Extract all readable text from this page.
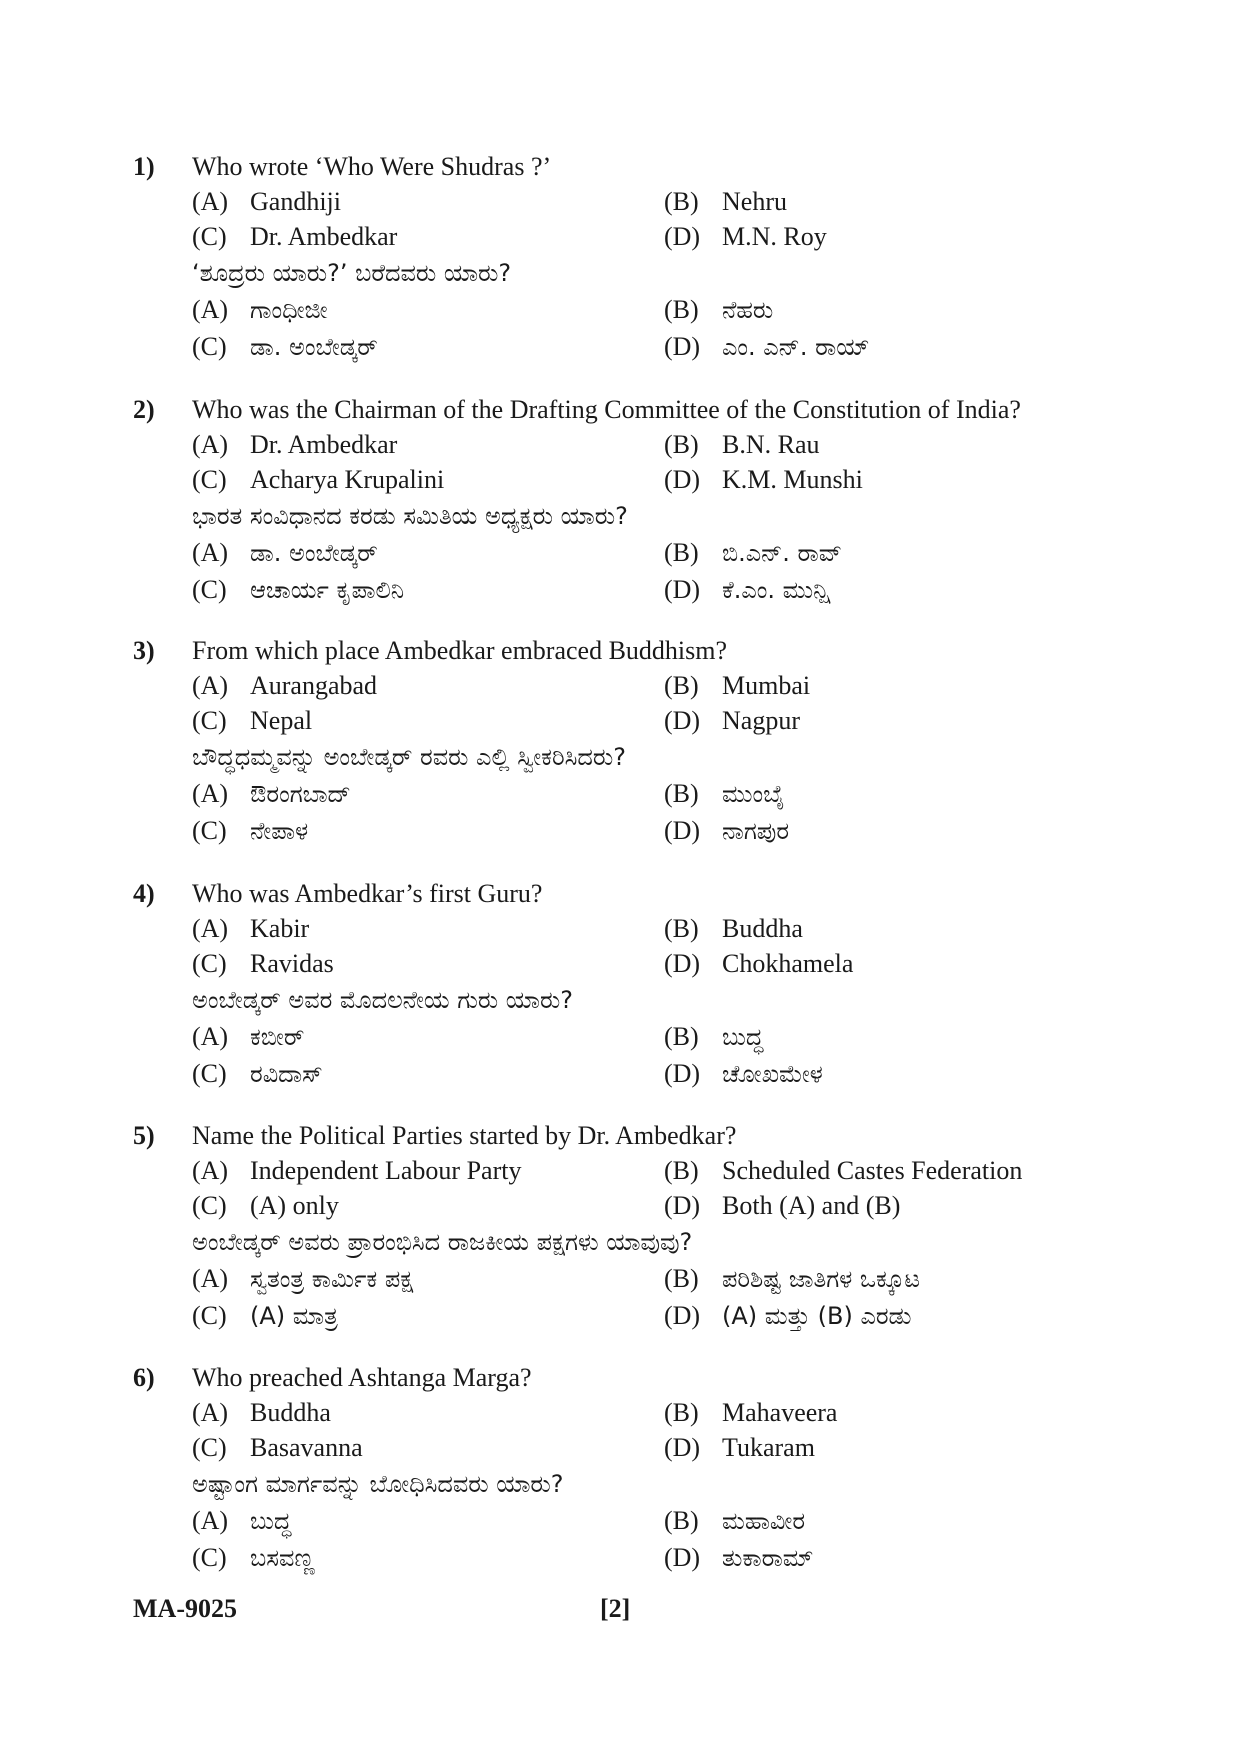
1) Who wrote ‘Who Were Shudras ?’
(A) Gandhiji	(B) Nehru
(C) Dr. Ambedkar	(D) M.N. Roy
‘ಶೂದ್ರರು ಯಾರು?’ ಬರೆದವರು ಯಾರು?
(A) ಗಾಂಧೀಜೀ	(B) ನೆಹರು
(C) ಡಾ. ಅಂಬೇಡ್ಕರ್	(D) ಎಂ. ಎನ್. ರಾಯ್
2) Who was the Chairman of the Drafting Committee of the Constitution of India?
(A) Dr. Ambedkar	(B) B.N. Rau
(C) Acharya Krupalini	(D) K.M. Munshi
ಭಾರತ ಸಂವಿಧಾನದ ಕರಡು ಸಮಿತಿಯ ಅಧ್ಯಕ್ಷರು ಯಾರು?
(A) ಡಾ. ಅಂಬೇಡ್ಕರ್	(B) ಬಿ.ಎನ್. ರಾವ್
(C) ಆಚಾರ್ಯ ಕೃಪಾಲಿನಿ	(D) ಕೆ.ಎಂ. ಮುನ್ಷಿ
3) From which place Ambedkar embraced Buddhism?
(A) Aurangabad	(B) Mumbai
(C) Nepal	(D) Nagpur
ಬೌದ್ಧಧಮ್ಮವನ್ನು ಅಂಬೇಡ್ಕರ್ ರವರು ಎಲ್ಲಿ ಸ್ವೀಕರಿಸಿದರು?
(A) ಔರಂಗಬಾದ್	(B) ಮುಂಬೈ
(C) ನೇಪಾಳ	(D) ನಾಗಪುರ
4) Who was Ambedkar’s first Guru?
(A) Kabir	(B) Buddha
(C) Ravidas	(D) Chokhamela
ಅಂಬೇಡ್ಕರ್ ಅವರ ಮೊದಲನೇಯ ಗುರು ಯಾರು?
(A) ಕಬೀರ್	(B) ಬುದ್ಧ
(C) ರವಿದಾಸ್	(D) ಚೋಖಮೇಳ
5) Name the Political Parties started by Dr. Ambedkar?
(A) Independent Labour Party	(B) Scheduled Castes Federation
(C) (A) only	(D) Both (A) and (B)
ಅಂಬೇಡ್ಕರ್ ಅವರು ಪ್ರಾರಂಭಿಸಿದ ರಾಜಕೀಯ ಪಕ್ಷಗಳು ಯಾವುವು?
(A) ಸ್ವತಂತ್ರ ಕಾರ್ಮಿಕ ಪಕ್ಷ	(B) ಪರಿಶಿಷ್ಟ ಜಾತಿಗಳ ಒಕ್ಕೂಟ
(C) (A) ಮಾತ್ರ	(D) (A) ಮತ್ತು (B) ಎರಡು
6) Who preached Ashtanga Marga?
(A) Buddha	(B) Mahaveera
(C) Basavanna	(D) Tukaram
ಅಷ್ಟಾಂಗ ಮಾರ್ಗವನ್ನು ಬೋಧಿಸಿದವರು ಯಾರು?
(A) ಬುದ್ಧ	(B) ಮಹಾವೀರ
(C) ಬಸವಣ್ಣ	(D) ತುಕಾರಾಮ್
MA-9025	[2]
